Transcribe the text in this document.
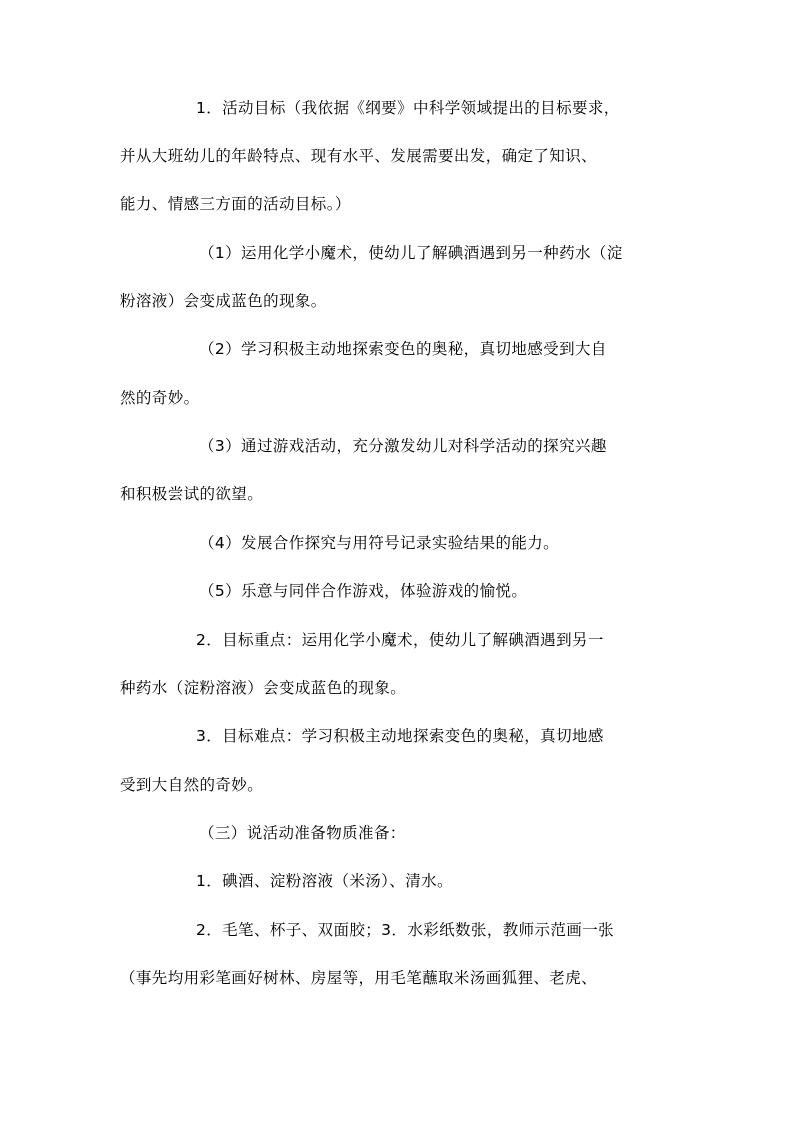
1．活动目标（我依据《纲要》中科学领域提出的目标要求，

并从大班幼儿的年龄特点、现有水平、发展需要出发，确定了知识、

能力、情感三方面的活动目标。）

（1）运用化学小魔术，使幼儿了解碘酒遇到另一种药水（淀

粉溶液）会变成蓝色的现象。

（2）学习积极主动地探索变色的奥秘，真切地感受到大自

然的奇妙。

（3）通过游戏活动，充分激发幼儿对科学活动的探究兴趣

和积极尝试的欲望。

（4）发展合作探究与用符号记录实验结果的能力。

（5）乐意与同伴合作游戏，体验游戏的愉悦。

2．目标重点：运用化学小魔术，使幼儿了解碘酒遇到另一

种药水（淀粉溶液）会变成蓝色的现象。

3．目标难点：学习积极主动地探索变色的奥秘，真切地感

受到大自然的奇妙。

（三）说活动准备物质准备：

1．碘酒、淀粉溶液（米汤）、清水。

2．毛笔、杯子、双面胶；3．水彩纸数张，教师示范画一张

（事先均用彩笔画好树林、房屋等，用毛笔蘸取米汤画狐狸、老虎、
